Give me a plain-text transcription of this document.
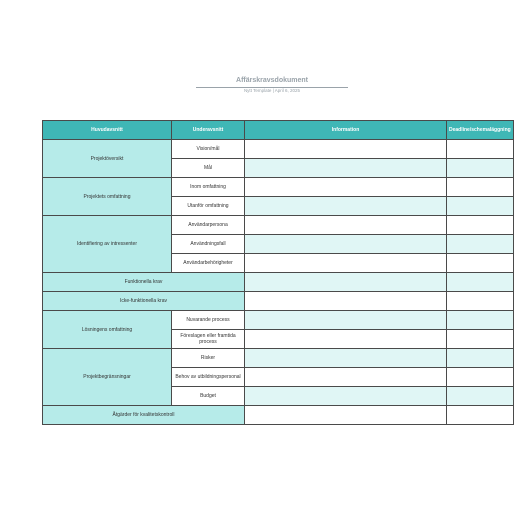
Affärskravsdokument
Nytt Template | April 6, 2025
Huvudavsnitt	Underavsnitt	Information	Deadline/schemaläggning
Projektöversikt	Vision/mål		
	Mål		
Projektets omfattning	Inom omfattning		
	Utanför omfattning		
Identifiering av intressenter	Användarpersona		
	Användningsfall		
	Användarbehörigheter		
Funktionella krav			
Icke-funktionella krav			
Lösningens omfattning	Nuvarande process		
	Föreslagen eller framtida process		
Projektbegränsningar	Risker		
	Behov av utbildningspersonal		
	Budget		
Åtgärder för kvalitetskontroll			
